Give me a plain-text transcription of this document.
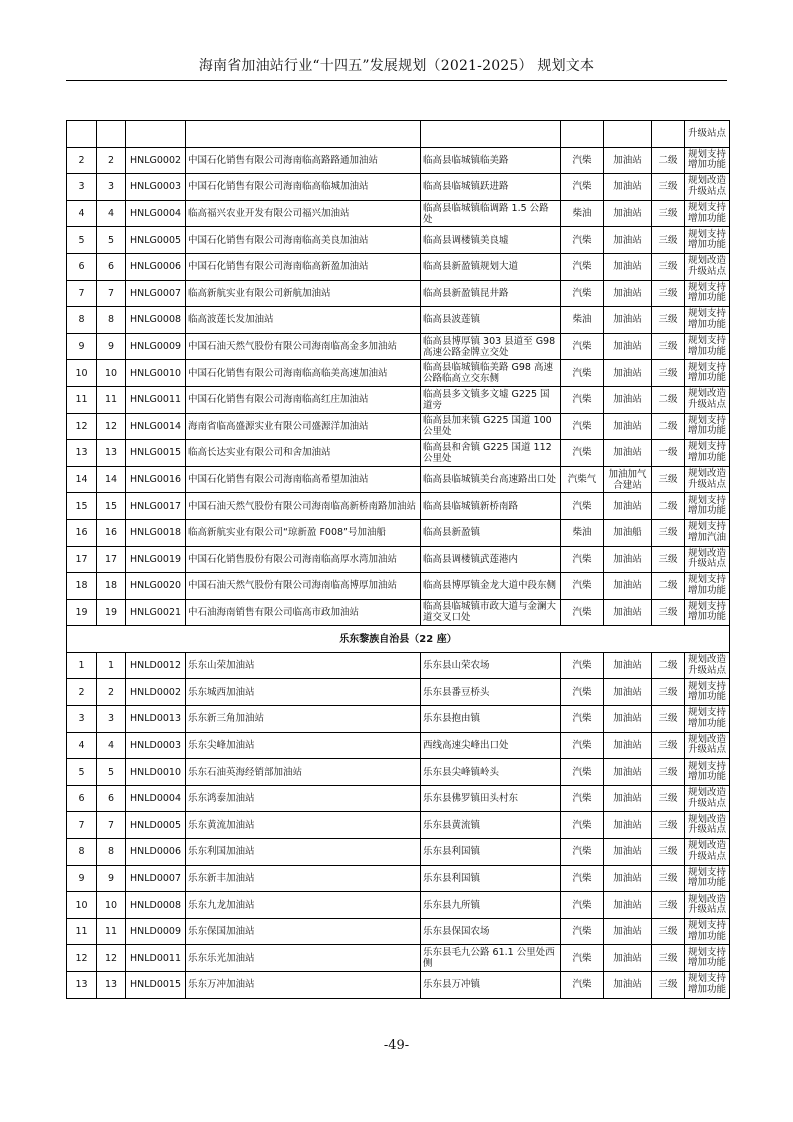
海南省加油站行业“十四五”发展规划（2021-2025） 规划文本
								升级站点
2	2	HNLG0002	中国石化销售有限公司海南临高路路通加油站	临高县临城镇临美路	汽柴	加油站	二级	规划支持增加功能
3	3	HNLG0003	中国石化销售有限公司海南临高临城加油站	临高县临城镇跃进路	汽柴	加油站	三级	规划改造升级站点
4	4	HNLG0004	临高福兴农业开发有限公司福兴加油站	临高县临城镇临调路 1.5 公路处	柴油	加油站	三级	规划支持增加功能
5	5	HNLG0005	中国石化销售有限公司海南临高美良加油站	临高县调楼镇美良墟	汽柴	加油站	三级	规划支持增加功能
6	6	HNLG0006	中国石化销售有限公司海南临高新盈加油站	临高县新盈镇规划大道	汽柴	加油站	三级	规划改造升级站点
7	7	HNLG0007	临高新航实业有限公司新航加油站	临高县新盈镇昆井路	汽柴	加油站	三级	规划支持增加功能
8	8	HNLG0008	临高波莲长发加油站	临高县波莲镇	柴油	加油站	三级	规划支持增加功能
9	9	HNLG0009	中国石油天然气股份有限公司海南临高金多加油站	临高县博厚镇 303 县道至 G98 高速公路金牌立交处	汽柴	加油站	三级	规划支持增加功能
10	10	HNLG0010	中国石化销售有限公司海南临高临美高速加油站	临高县临城镇临美路 G98 高速公路临高立交东侧	汽柴	加油站	三级	规划支持增加功能
11	11	HNLG0011	中国石化销售有限公司海南临高红庄加油站	临高县多文镇多文墟 G225 国道旁	汽柴	加油站	二级	规划改造升级站点
12	12	HNLG0014	海南省临高盛源实业有限公司盛源洋加油站	临高县加来镇 G225 国道 100 公里处	汽柴	加油站	二级	规划支持增加功能
13	13	HNLG0015	临高长达实业有限公司和舍加油站	临高县和舍镇 G225 国道 112 公里处	汽柴	加油站	一级	规划支持增加功能
14	14	HNLG0016	中国石化销售有限公司海南临高希望加油站	临高县临城镇美台高速路出口处	汽柴气	加油加气合建站	三级	规划改造升级站点
15	15	HNLG0017	中国石油天然气股份有限公司海南临高新桥南路加油站	临高县临城镇新桥南路	汽柴	加油站	二级	规划支持增加功能
16	16	HNLG0018	临高新航实业有限公司“琼新盈 F008”号加油船	临高县新盈镇	柴油	加油船	三级	规划支持增加汽油
17	17	HNLG0019	中国石化销售股份有限公司海南临高厚水湾加油站	临高县调楼镇武莲港内	汽柴	加油站	三级	规划改造升级站点
18	18	HNLG0020	中国石油天然气股份有限公司海南临高博厚加油站	临高县博厚镇金龙大道中段东侧	汽柴	加油站	二级	规划支持增加功能
19	19	HNLG0021	中石油海南销售有限公司临高市政加油站	临高县临城镇市政大道与金澜大道交叉口处	汽柴	加油站	三级	规划支持增加功能
乐东黎族自治县（22 座）								
1	1	HNLD0012	乐东山荣加油站	乐东县山荣农场	汽柴	加油站	二级	规划改造升级站点
2	2	HNLD0002	乐东城西加油站	乐东县番豆桥头	汽柴	加油站	三级	规划支持增加功能
3	3	HNLD0013	乐东新三角加油站	乐东县抱由镇	汽柴	加油站	三级	规划支持增加功能
4	4	HNLD0003	乐东尖峰加油站	西线高速尖峰出口处	汽柴	加油站	三级	规划改造升级站点
5	5	HNLD0010	乐东石油英海经销部加油站	乐东县尖峰镇岭头	汽柴	加油站	三级	规划支持增加功能
6	6	HNLD0004	乐东鸿泰加油站	乐东县佛罗镇田头村东	汽柴	加油站	三级	规划改造升级站点
7	7	HNLD0005	乐东黄流加油站	乐东县黄流镇	汽柴	加油站	三级	规划改造升级站点
8	8	HNLD0006	乐东利国加油站	乐东县利国镇	汽柴	加油站	三级	规划改造升级站点
9	9	HNLD0007	乐东新丰加油站	乐东县利国镇	汽柴	加油站	三级	规划支持增加功能
10	10	HNLD0008	乐东九龙加油站	乐东县九所镇	汽柴	加油站	三级	规划改造升级站点
11	11	HNLD0009	乐东保国加油站	乐东县保国农场	汽柴	加油站	三级	规划支持增加功能
12	12	HNLD0011	乐东乐光加油站	乐东县毛九公路 61.1 公里处西侧	汽柴	加油站	三级	规划支持增加功能
13	13	HNLD0015	乐东万冲加油站	乐东县万冲镇	汽柴	加油站	三级	规划支持增加功能
-49-
